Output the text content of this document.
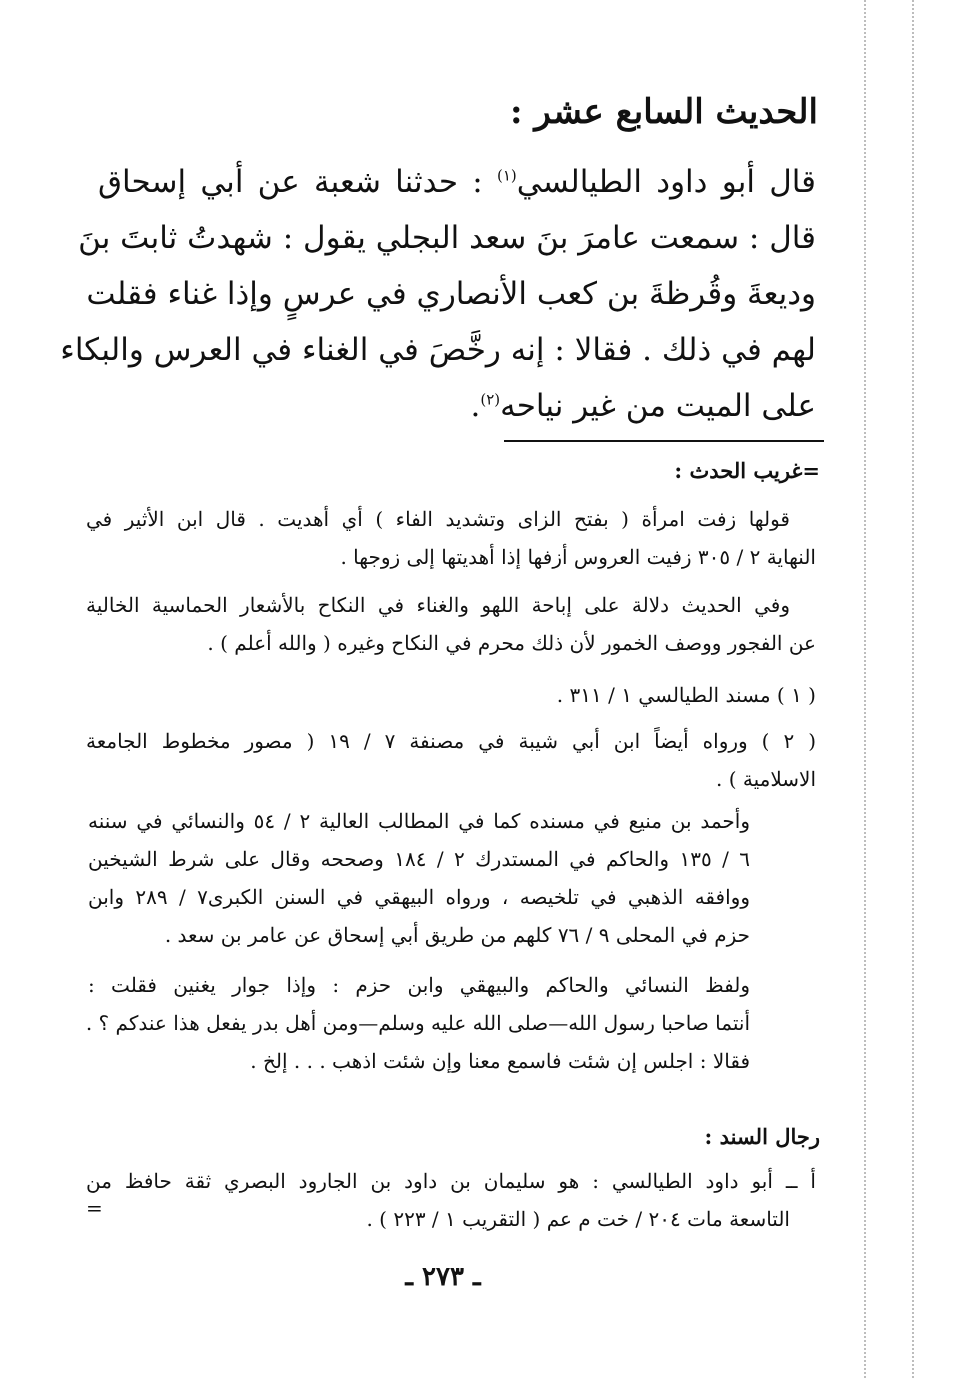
الحديث السابع عشر :
قال أبو داود الطيالسي$^{(١)}$ : حدثنا شعبة عن أبي إسحاق
قال : سمعت عامرَ بنَ سعد البجلي يقول : شهدتُ ثابتَ بنَ
وديعةَ وقُرظةَ بن كعب الأنصاري في عرسٍ وإذا غناء فقلت
لهم في ذلك . فقالا : إنه رخَّصَ في الغناء في العرس والبكاء
على الميت من غير نياحه$^{(٢)}$.
=غريب الحدث :
قولها زفت امرأة ( بفتح الزاى وتشديد الفاء ) أي أهديت . قال ابن الأثير في
النهاية ٢ / ٣٠٥ زفيت العروس أزفها إذا أهديتها إلى زوجها .
وفي الحديث دلالة على إباحة اللهو والغناء في النكاح بالأشعار الحماسية الخالية
عن الفجور ووصف الخمور لأن ذلك محرم في النكاح وغيره ( والله أعلم ) .
( ١ ) مسند الطيالسي ١ / ٣١١ .
( ٢ ) ورواه أيضاً ابن أبي شيبة في مصنفة ٧ / ١٩ ( مصور مخطوط الجامعة
الاسلامية ) .
وأحمد بن منيع في مسنده كما في المطالب العالية ٢ / ٥٤ والنسائي في سننه
٦ / ١٣٥ والحاكم في المستدرك ٢ / ١٨٤ وصححه وقال على شرط الشيخين
ووافقه الذهبي في تلخيصه ، ورواه البيهقي في السنن الكبرى٧ / ٢٨٩ وابن
حزم في المحلى ٩ / ٧٦ كلهم من طريق أبي إسحاق عن عامر بن سعد .
ولفظ النسائي والحاكم والبيهقي وابن حزم : وإذا جوار يغنين فقلت :
أنتما صاحبا رسول الله—صلى الله عليه وسلم—ومن أهل بدر يفعل هذا عندكم ؟ .
فقالا : اجلس إن شئت فاسمع معنا وإن شئت اذهب . . . إلخ .
رجال السند :
أ ــ أبو داود الطيالسي : هو سليمان بن داود بن الجارود البصري ثقة حافظ من
التاسعة مات ٢٠٤ / خت م عم ( التقريب ١ / ٢٢٣ ) .
=
ـ ٢٧٣ ـ
